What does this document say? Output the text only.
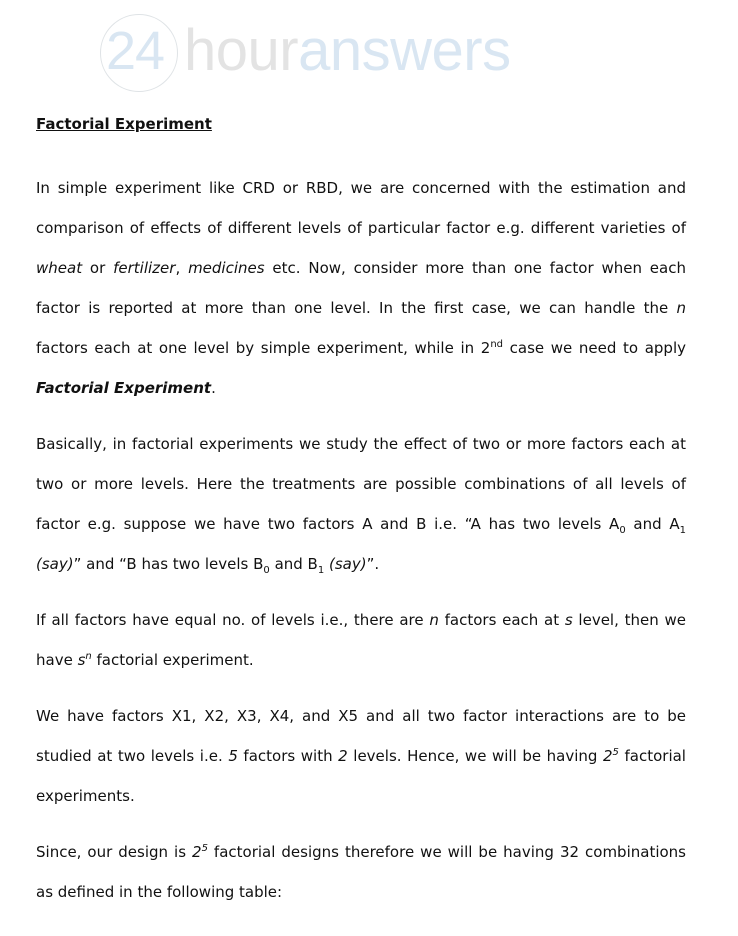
24 houranswers
Factorial Experiment

In simple experiment like CRD or RBD, we are concerned with the estimation and comparison of effects of different levels of particular factor e.g. different varieties of wheat or fertilizer, medicines etc. Now, consider more than one factor when each factor is reported at more than one level. In the first case, we can handle the n factors each at one level by simple experiment, while in 2nd case we need to apply Factorial Experiment.

Basically, in factorial experiments we study the effect of two or more factors each at two or more levels. Here the treatments are possible combinations of all levels of factor e.g. suppose we have two factors A and B i.e. “A has two levels $A_0$ and $A_1$ (say)” and “B has two levels $B_0$ and $B_1$ (say)”.

If all factors have equal no. of levels i.e., there are n factors each at s level, then we have $s^n$ factorial experiment.

We have factors X1, X2, X3, X4, and X5 and all two factor interactions are to be studied at two levels i.e. 5 factors with 2 levels. Hence, we will be having $2^5$ factorial experiments.

Since, our design is $2^5$ factorial designs therefore we will be having 32 combinations as defined in the following table:
